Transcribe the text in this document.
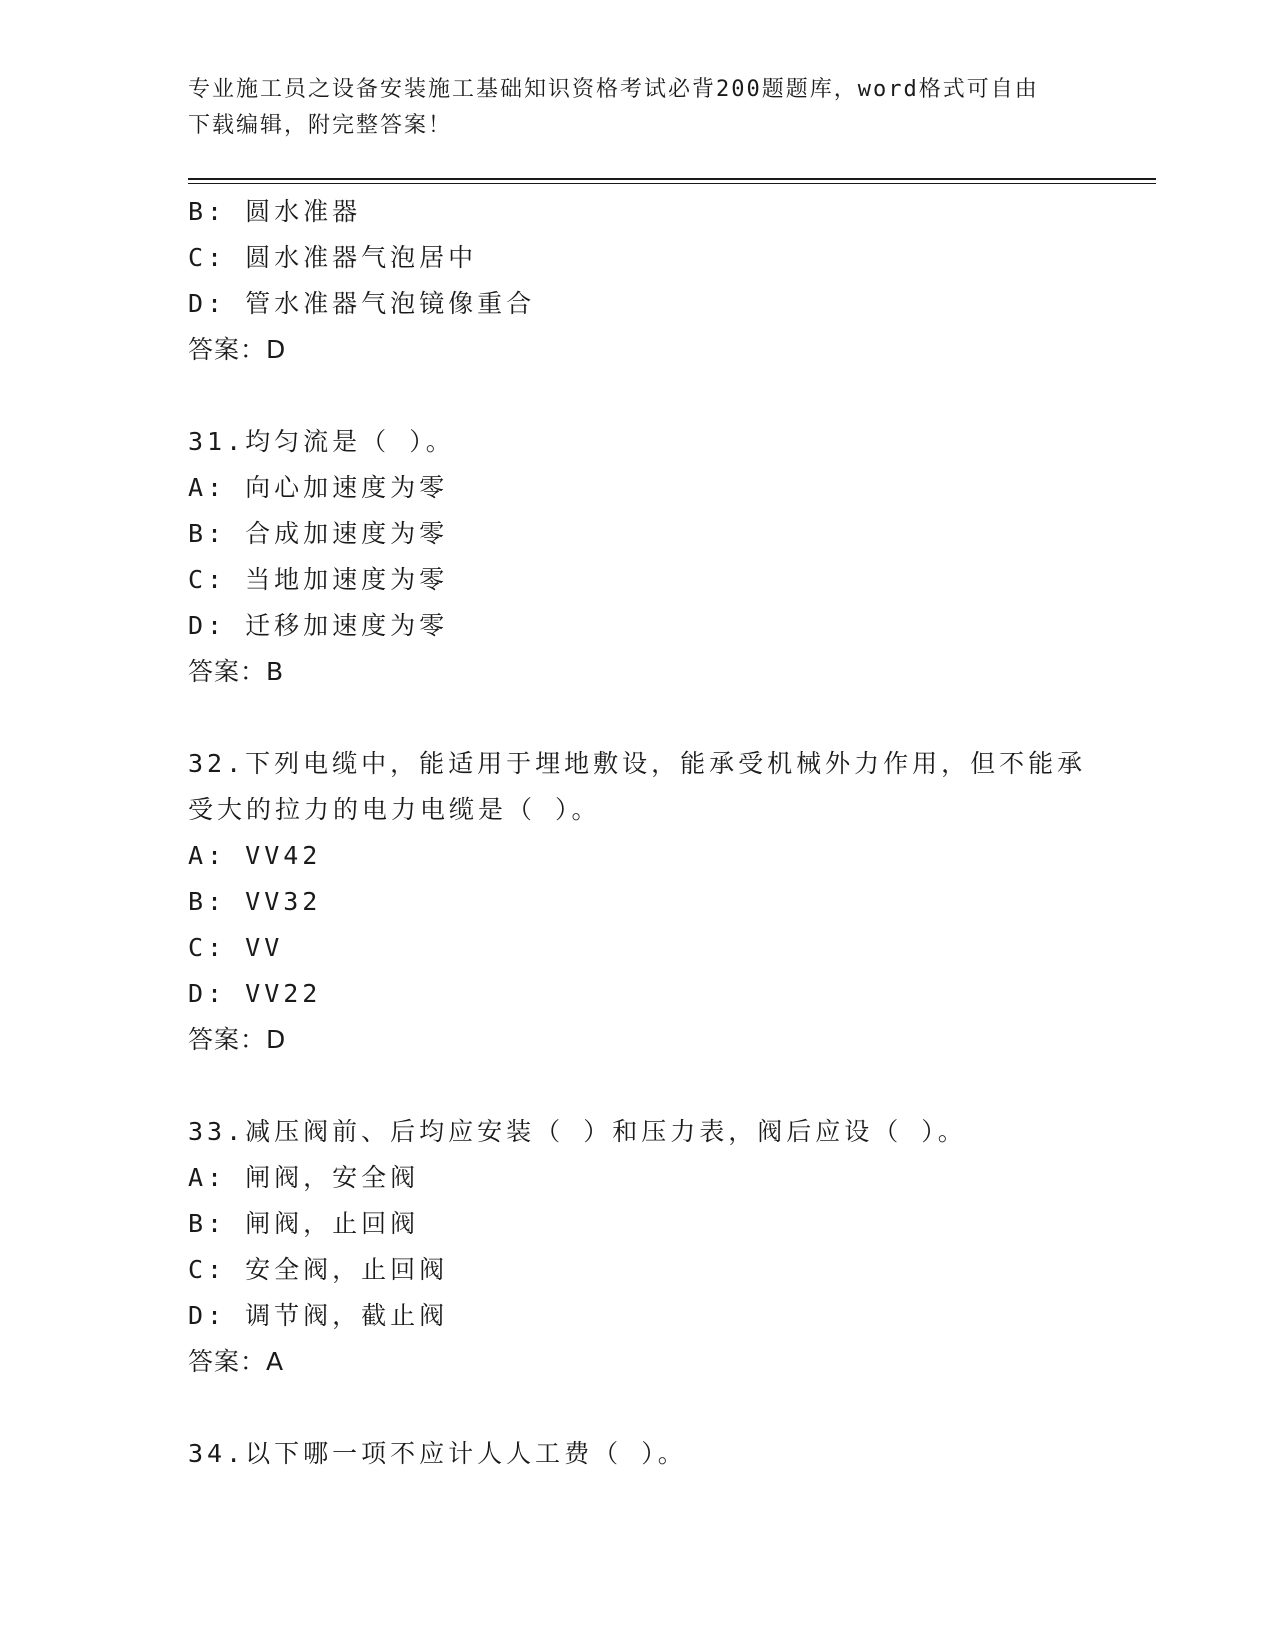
专业施工员之设备安装施工基础知识资格考试必背200题题库，word格式可自由
下载编辑，附完整答案！
B: 圆水准器
C: 圆水准器气泡居中
D: 管水准器气泡镜像重合
答案：D
31.均匀流是（ ）。
A: 向心加速度为零
B: 合成加速度为零
C: 当地加速度为零
D: 迁移加速度为零
答案：B
32.下列电缆中，能适用于埋地敷设，能承受机械外力作用，但不能承
受大的拉力的电力电缆是（ ）。
A: VV42
B: VV32
C: VV
D: VV22
答案：D
33.减压阀前、后均应安装（ ）和压力表，阀后应设（ ）。
A: 闸阀，安全阀
B: 闸阀，止回阀
C: 安全阀，止回阀
D: 调节阀，截止阀
答案：A
34.以下哪一项不应计人人工费（ ）。
